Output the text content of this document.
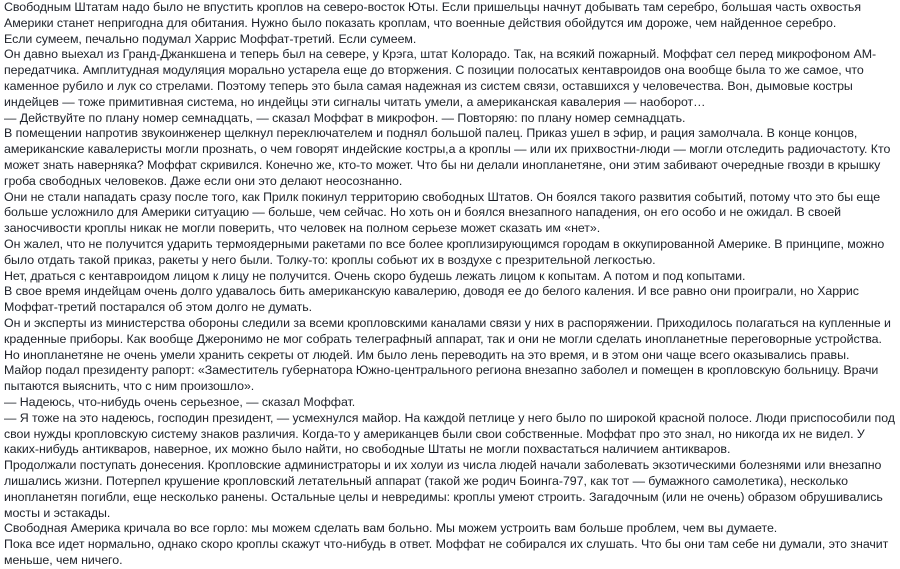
Свободным Штатам надо было не впустить кроплов на северо-восток Юты. Если пришельцы начнут добывать там серебро, большая часть охвостья Америки станет непригодна для обитания. Нужно было показать кроплам, что военные действия обойдутся им дороже, чем найденное серебро.

Если сумеем, печально подумал Харрис Моффат-третий. Если сумеем.

Он давно выехал из Гранд-Джанкшена и теперь был на севере, у Крэга, штат Колорадо. Так, на всякий пожарный. Моффат сел перед микрофоном АМ-передатчика. Амплитудная модуляция морально устарела еще до вторжения. С позиции полосатых кентавроидов она вообще была то же самое, что каменное рубило и лук со стрелами. Поэтому теперь это была самая надежная из систем связи, оставшихся у человечества. Вон, дымовые костры индейцев — тоже примитивная система, но индейцы эти сигналы читать умели, а американская кавалерия — наоборот…

— Действуйте по плану номер семнадцать, — сказал Моффат в микрофон. — Повторяю: по плану номер семнадцать.

В помещении напротив звукоинженер щелкнул переключателем и поднял большой палец. Приказ ушел в эфир, и рация замолчала. В конце концов, американские кавалеристы могли прознать, о чем говорят индейские костры,а а кроплы — или их прихвостни-люди — могли отследить радиочастоту. Кто может знать наверняка? Моффат скривился. Конечно же, кто-то может. Что бы ни делали инопланетяне, они этим забивают очередные гвозди в крышку гроба свободных человеков. Даже если они это делают неосознанно.

Они не стали нападать сразу после того, как Прилк покинул территорию свободных Штатов. Он боялся такого развития событий, потому что это бы еще больше усложнило для Америки ситуацию — больше, чем сейчас. Но хоть он и боялся внезапного нападения, он его особо и не ожидал. В своей заносчивости кроплы никак не могли поверить, что человек на полном серьезе может сказать им «нет».

Он жалел, что не получится ударить термоядерными ракетами по все более кроплизирующимся городам в оккупированной Америке. В принципе, можно было отдать такой приказ, ракеты у него были. Толку-то: кроплы собьют их в воздухе с презрительной легкостью.

Нет, драться с кентавроидом лицом к лицу не получится. Очень скоро будешь лежать лицом к копытам. А потом и под копытами.

В свое время индейцам очень долго удавалось бить американскую кавалерию, доводя ее до белого каления. И все равно они проиграли, но Харрис Моффат-третий постарался об этом долго не думать.

Он и эксперты из министерства обороны следили за всеми кропловскими каналами связи у них в распоряжении. Приходилось полагаться на купленные и краденные приборы. Как вообще Джеронимо не мог собрать телеграфный аппарат, так и они не могли сделать инопланетные переговорные устройства. Но инопланетяне не очень умели хранить секреты от людей. Им было лень переводить на это время, и в этом они чаще всего оказывались правы.

Майор подал президенту рапорт: «Заместитель губернатора Южно-центрального региона внезапно заболел и помещен в кропловскую больницу. Врачи пытаются выяснить, что с ним произошло».

— Надеюсь, что-нибудь очень серьезное, — сказал Моффат.

— Я тоже на это надеюсь, господин президент, — усмехнулся майор. На каждой петлице у него было по широкой красной полосе. Люди приспособили под свои нужды кропловскую систему знаков различия. Когда-то у американцев были свои собственные. Моффат про это знал, но никогда их не видел. У каких-нибудь антикваров, наверное, их можно было найти, но свободные Штаты не могли похвастаться наличием антикваров.

Продолжали поступать донесения. Кропловские администраторы и их холуи из числа людей начали заболевать экзотическими болезнями или внезапно лишались жизни. Потерпел крушение кропловский летательный аппарат (такой же родич Боинга-797, как тот — бумажного самолетика), несколько инопланетян погибли, еще несколько ранены. Остальные целы и невредимы: кроплы умеют строить. Загадочным (или не очень) образом обрушивались мосты и эстакады.

Свободная Америка кричала во все горло: мы можем сделать вам больно. Мы можем устроить вам больше проблем, чем вы думаете.

Пока все идет нормально, однако скоро кроплы скажут что-нибудь в ответ. Моффат не собирался их слушать. Что бы они там себе ни думали, это значит меньше, чем ничего.
